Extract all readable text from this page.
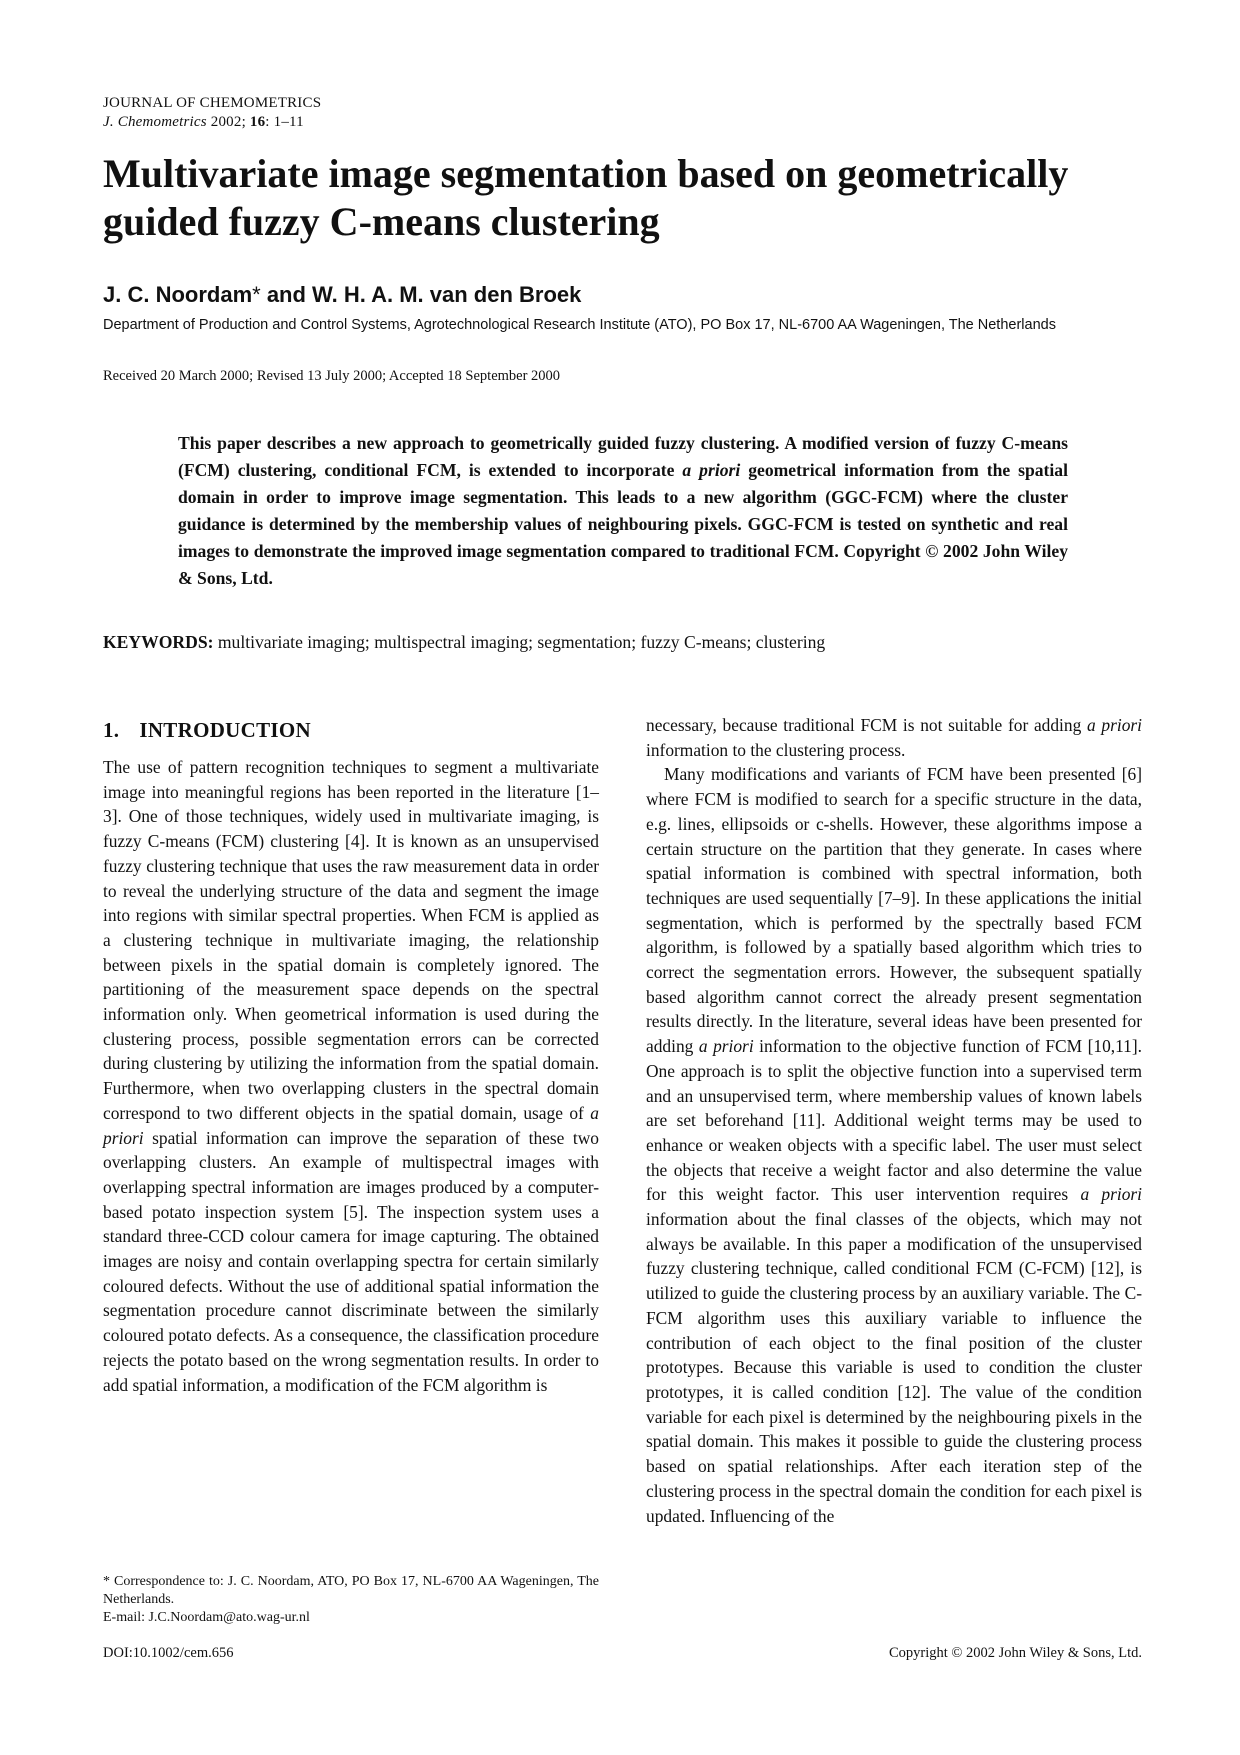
JOURNAL OF CHEMOMETRICS
J. Chemometrics 2002; 16: 1–11
Multivariate image segmentation based on geometrically guided fuzzy C-means clustering
J. C. Noordam* and W. H. A. M. van den Broek
Department of Production and Control Systems, Agrotechnological Research Institute (ATO), PO Box 17, NL-6700 AA Wageningen, The Netherlands
Received 20 March 2000; Revised 13 July 2000; Accepted 18 September 2000
This paper describes a new approach to geometrically guided fuzzy clustering. A modified version of fuzzy C-means (FCM) clustering, conditional FCM, is extended to incorporate a priori geometrical information from the spatial domain in order to improve image segmentation. This leads to a new algorithm (GGC-FCM) where the cluster guidance is determined by the membership values of neighbouring pixels. GGC-FCM is tested on synthetic and real images to demonstrate the improved image segmentation compared to traditional FCM. Copyright © 2002 John Wiley & Sons, Ltd.
KEYWORDS: multivariate imaging; multispectral imaging; segmentation; fuzzy C-means; clustering
1. INTRODUCTION

The use of pattern recognition techniques to segment a multivariate image into meaningful regions has been reported in the literature [1–3]. One of those techniques, widely used in multivariate imaging, is fuzzy C-means (FCM) clustering [4]. It is known as an unsupervised fuzzy clustering technique that uses the raw measurement data in order to reveal the underlying structure of the data and segment the image into regions with similar spectral properties. When FCM is applied as a clustering technique in multivariate imaging, the relationship between pixels in the spatial domain is completely ignored. The partitioning of the measurement space depends on the spectral information only. When geometrical information is used during the clustering process, possible segmentation errors can be corrected during clustering by utilizing the information from the spatial domain. Furthermore, when two overlapping clusters in the spectral domain correspond to two different objects in the spatial domain, usage of a priori spatial information can improve the separation of these two overlapping clusters. An example of multispectral images with overlapping spectral information are images produced by a computer-based potato inspection system [5]. The inspection system uses a standard three-CCD colour camera for image capturing. The obtained images are noisy and contain overlapping spectra for certain similarly coloured defects. Without the use of additional spatial information the segmentation procedure cannot discriminate between the similarly coloured potato defects. As a consequence, the classification procedure rejects the potato based on the wrong segmentation results. In order to add spatial information, a modification of the FCM algorithm is

necessary, because traditional FCM is not suitable for adding a priori information to the clustering process.

Many modifications and variants of FCM have been presented [6] where FCM is modified to search for a specific structure in the data, e.g. lines, ellipsoids or c-shells. However, these algorithms impose a certain structure on the partition that they generate. In cases where spatial information is combined with spectral information, both techniques are used sequentially [7–9]. In these applications the initial segmentation, which is performed by the spectrally based FCM algorithm, is followed by a spatially based algorithm which tries to correct the segmentation errors. However, the subsequent spatially based algorithm cannot correct the already present segmentation results directly. In the literature, several ideas have been presented for adding a priori information to the objective function of FCM [10,11]. One approach is to split the objective function into a supervised term and an unsupervised term, where membership values of known labels are set beforehand [11]. Additional weight terms may be used to enhance or weaken objects with a specific label. The user must select the objects that receive a weight factor and also determine the value for this weight factor. This user intervention requires a priori information about the final classes of the objects, which may not always be available. In this paper a modification of the unsupervised fuzzy clustering technique, called conditional FCM (C-FCM) [12], is utilized to guide the clustering process by an auxiliary variable. The C-FCM algorithm uses this auxiliary variable to influence the contribution of each object to the final position of the cluster prototypes. Because this variable is used to condition the cluster prototypes, it is called condition [12]. The value of the condition variable for each pixel is determined by the neighbouring pixels in the spatial domain. This makes it possible to guide the clustering process based on spatial relationships. After each iteration step of the clustering process in the spectral domain the condition for each pixel is updated. Influencing of the

* Correspondence to: J. C. Noordam, ATO, PO Box 17, NL-6700 AA Wageningen, The Netherlands.
E-mail: J.C.Noordam@ato.wag-ur.nl
DOI:10.1002/cem.656	Copyright © 2002 John Wiley & Sons, Ltd.
